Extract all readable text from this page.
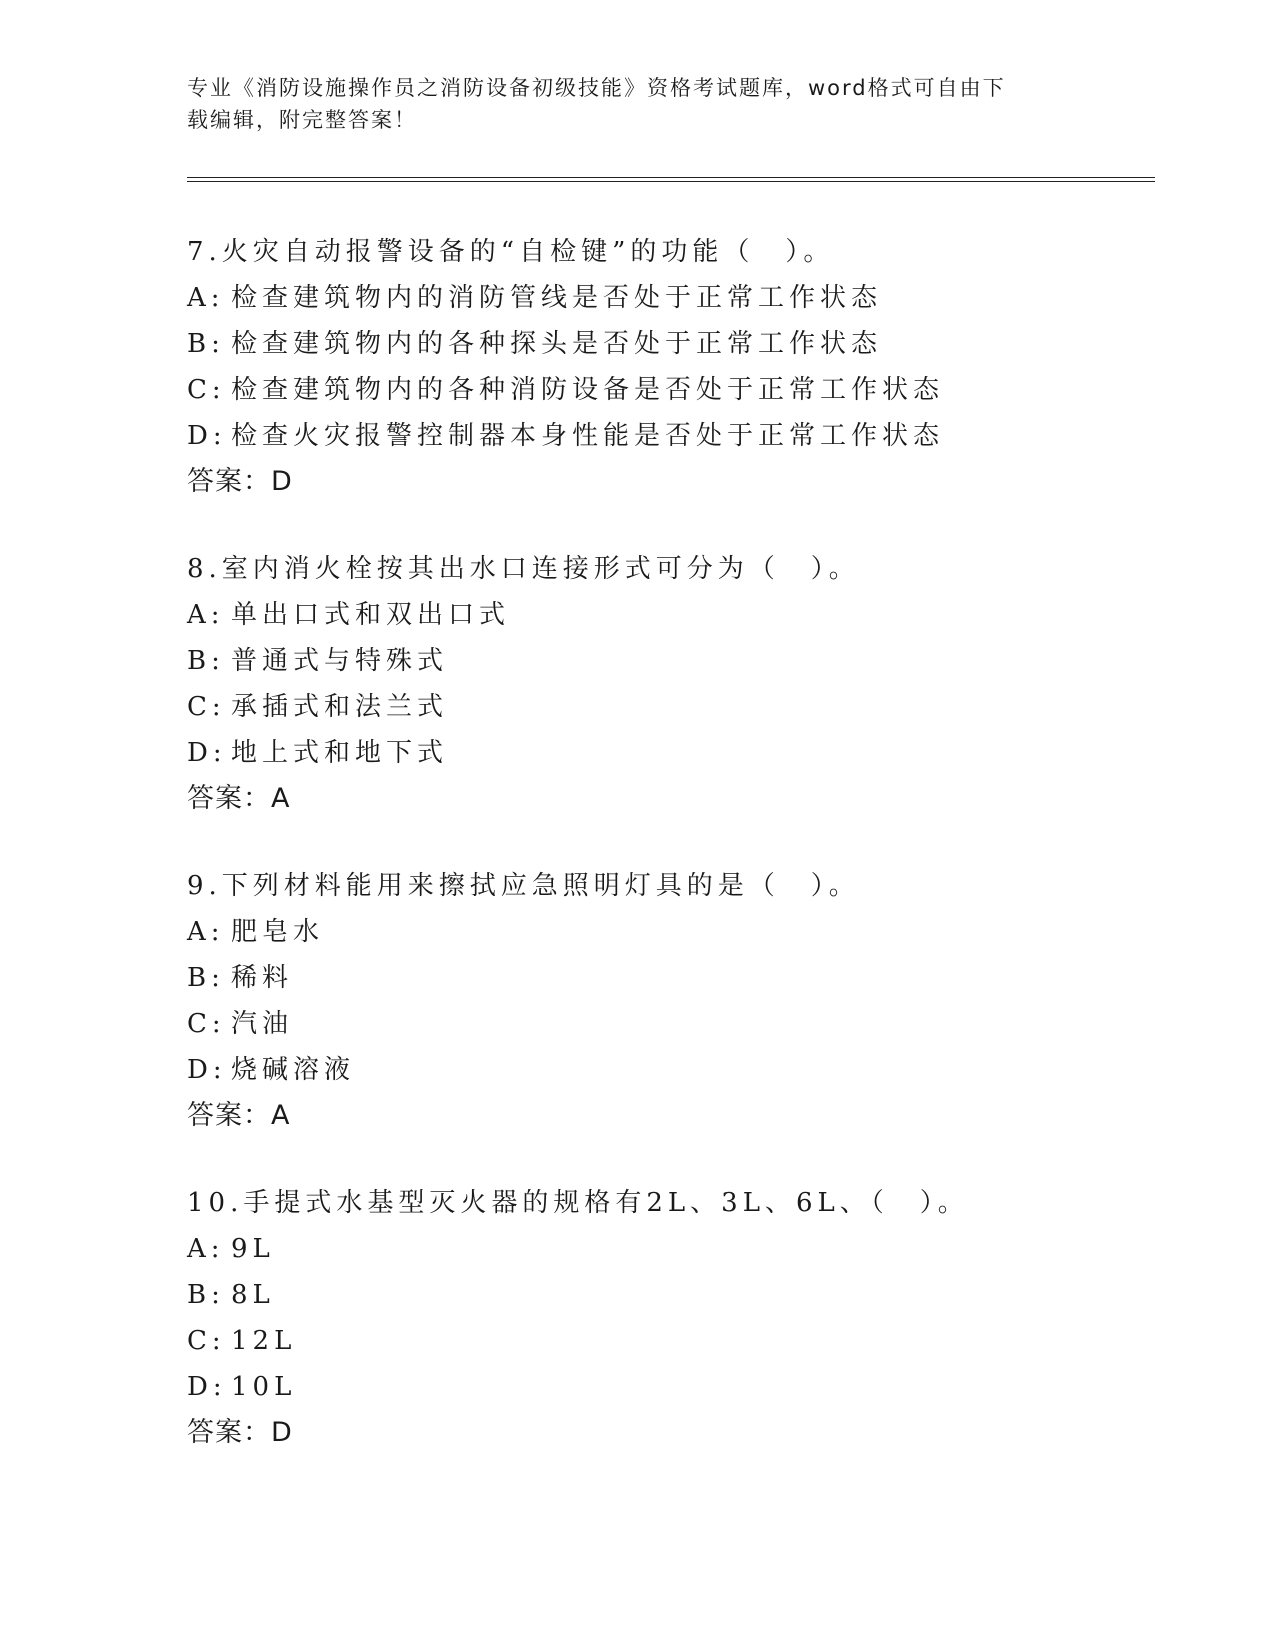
专业《消防设施操作员之消防设备初级技能》资格考试题库，word格式可自由下
载编辑，附完整答案！
7.火灾自动报警设备的“自检键”的功能（　）。
A: 检查建筑物内的消防管线是否处于正常工作状态
B: 检查建筑物内的各种探头是否处于正常工作状态
C: 检查建筑物内的各种消防设备是否处于正常工作状态
D: 检查火灾报警控制器本身性能是否处于正常工作状态
答案：D
8.室内消火栓按其出水口连接形式可分为（　）。
A: 单出口式和双出口式
B: 普通式与特殊式
C: 承插式和法兰式
D: 地上式和地下式
答案：A
9.下列材料能用来擦拭应急照明灯具的是（　）。
A: 肥皂水
B: 稀料
C: 汽油
D: 烧碱溶液
答案：A
10.手提式水基型灭火器的规格有2L、3L、6L、（　）。
A: 9L
B: 8L
C: 12L
D: 10L
答案：D
